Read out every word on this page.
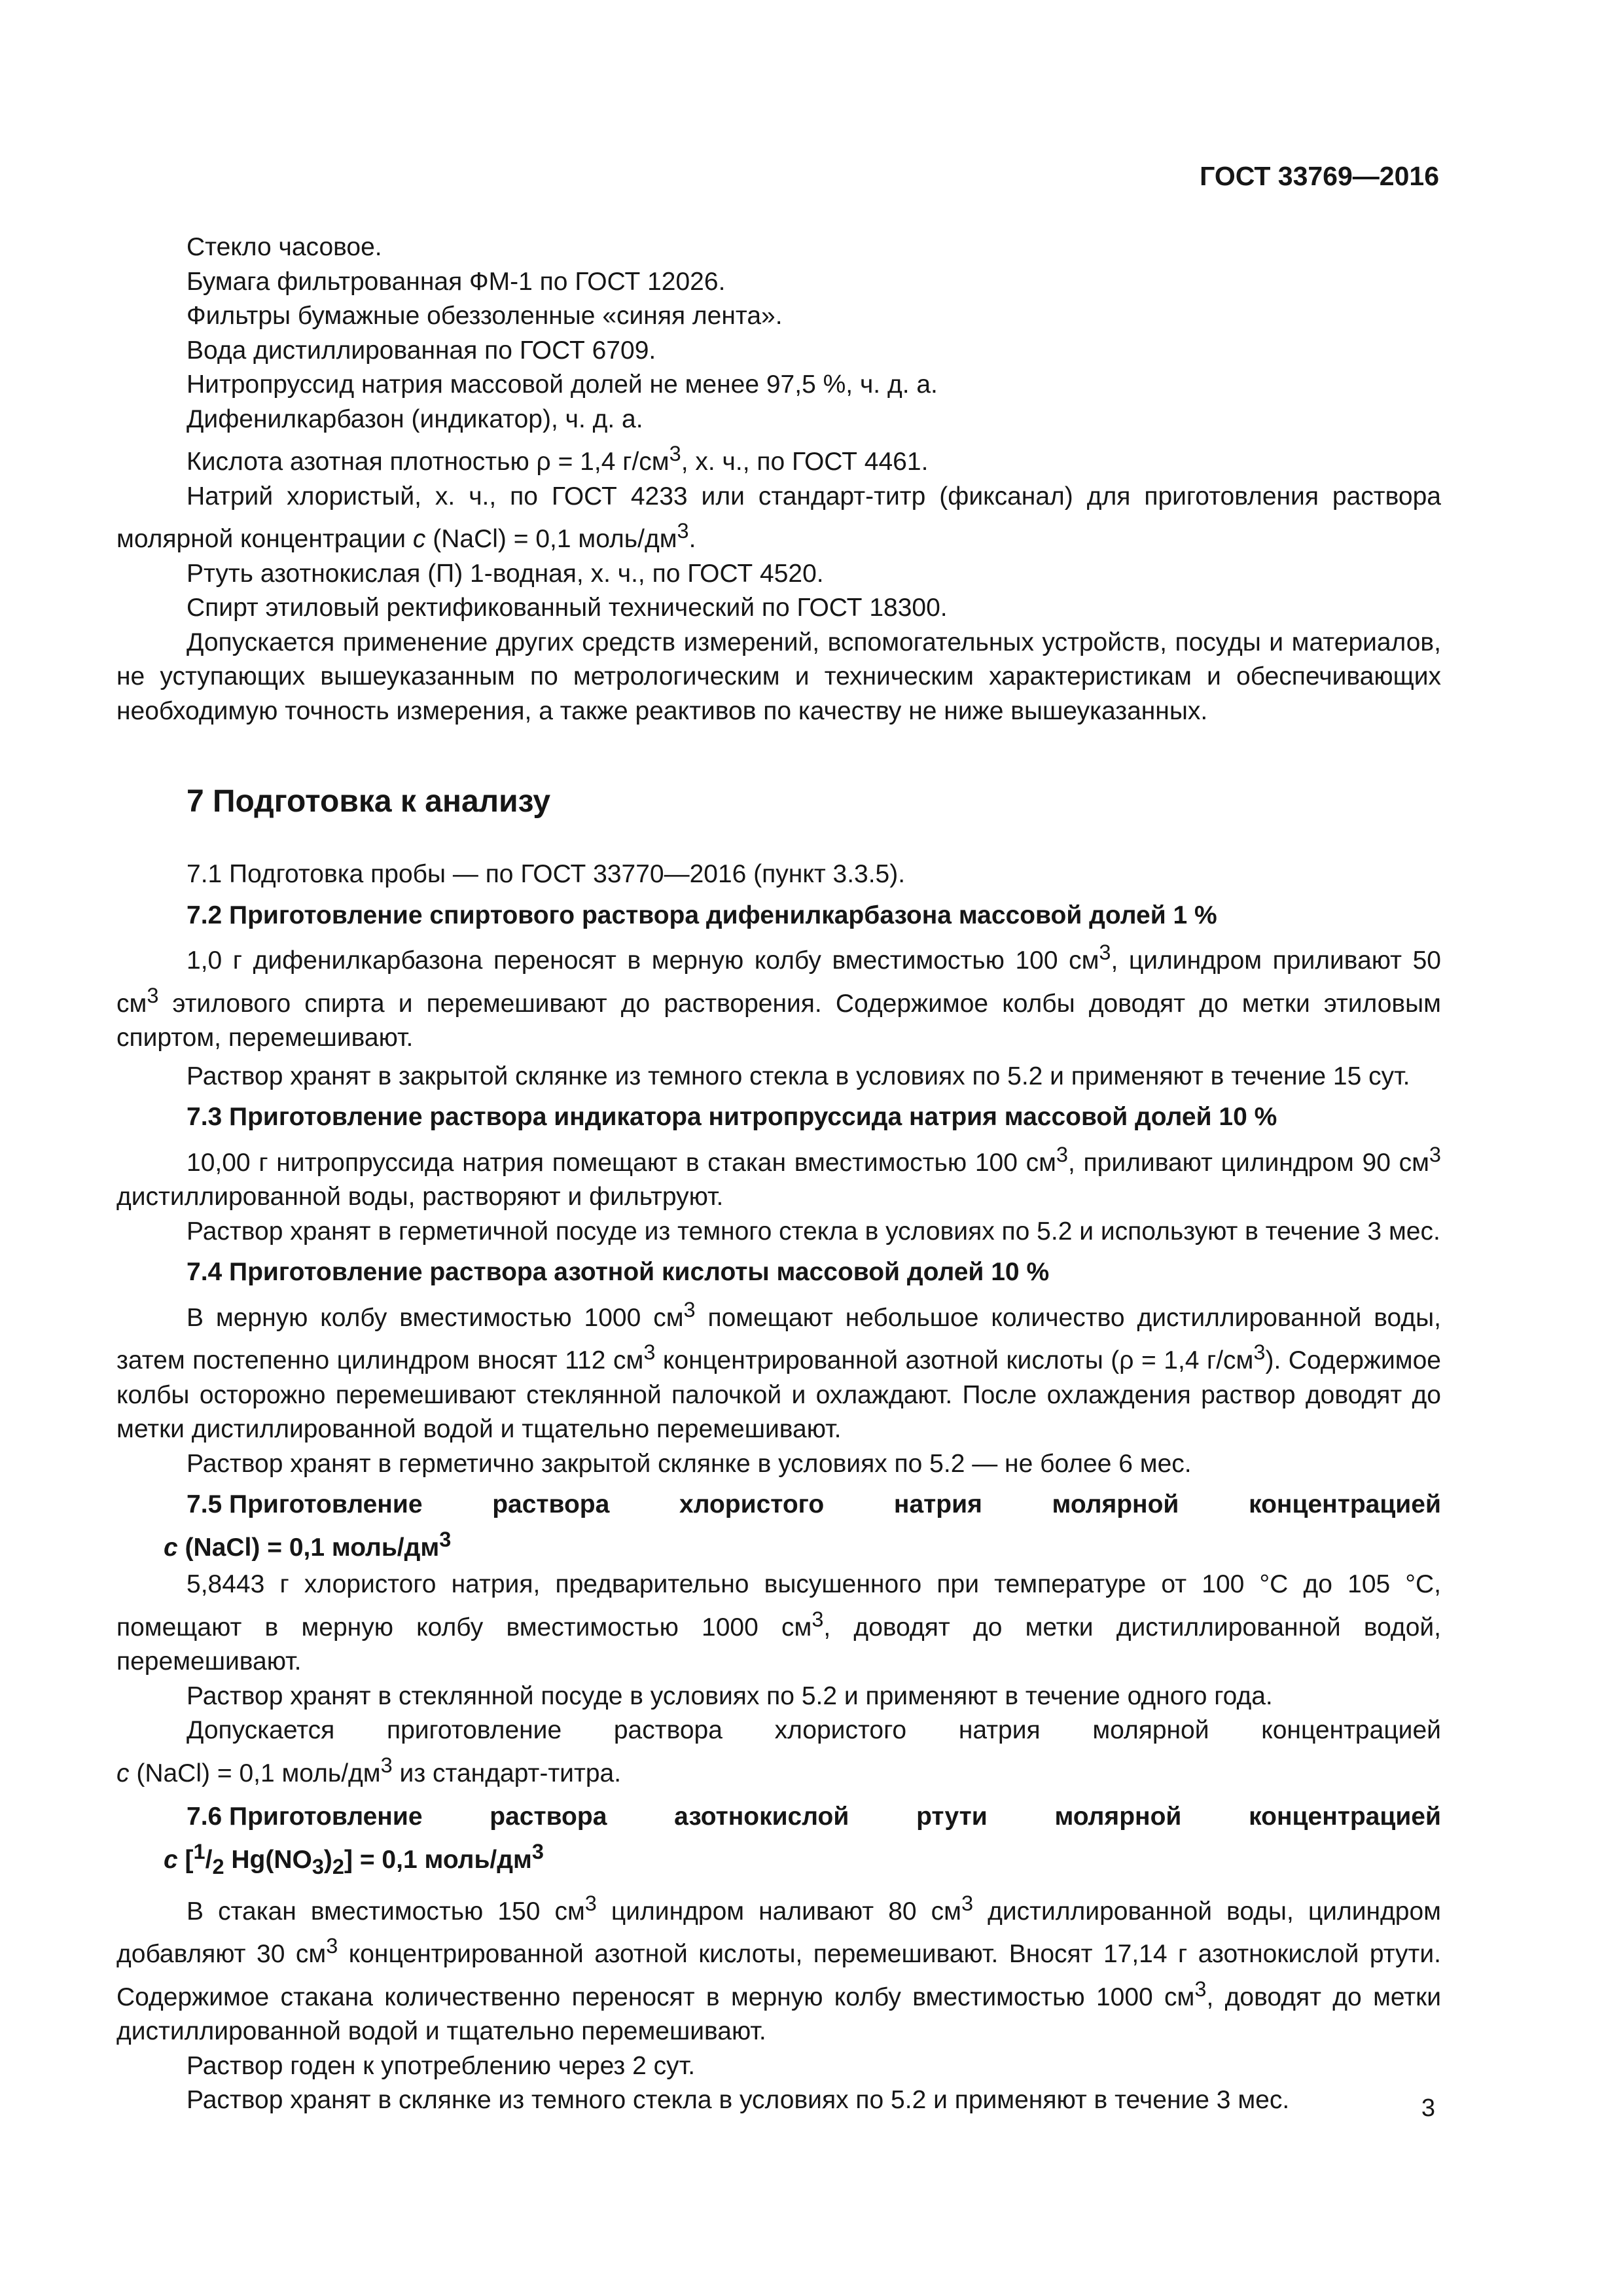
ГОСТ 33769—2016

Стекло часовое.

Бумага фильтрованная ФМ-1 по ГОСТ 12026.

Фильтры бумажные обеззоленные «синяя лента».

Вода дистиллированная по ГОСТ 6709.

Нитропруссид натрия массовой долей не менее 97,5 %, ч. д. а.

Дифенилкарбазон (индикатор), ч. д. а.

Кислота азотная плотностью ρ = 1,4 $г/см^3$, х. ч., по ГОСТ 4461.

Натрий хлористый, х. ч., по ГОСТ 4233 или стандарт-титр (фиксанал) для приготовления раствора молярной концентрации c (NaCl) = 0,1 моль/$дм^3$.

Ртуть азотнокислая (П) 1-водная, х. ч., по ГОСТ 4520.

Спирт этиловый ректификованный технический по ГОСТ 18300.

Допускается применение других средств измерений, вспомогательных устройств, посуды и материалов, не уступающих вышеуказанным по метрологическим и техническим характеристикам и обеспечивающих необходимую точность измерения, а также реактивов по качеству не ниже вышеуказанных.

7 Подготовка к анализу

7.1 Подготовка пробы — по ГОСТ 33770—2016 (пункт 3.3.5).

7.2 Приготовление спиртового раствора дифенилкарбазона массовой долей 1 %

1,0 г дифенилкарбазона переносят в мерную колбу вместимостью 100 $см^3$, цилиндром приливают 50 $см^3$ этилового спирта и перемешивают до растворения. Содержимое колбы доводят до метки этиловым спиртом, перемешивают.

Раствор хранят в закрытой склянке из темного стекла в условиях по 5.2 и применяют в течение 15 сут.

7.3 Приготовление раствора индикатора нитропруссида натрия массовой долей 10 %

10,00 г нитропруссида натрия помещают в стакан вместимостью 100 $см^3$, приливают цилиндром 90 $см^3$ дистиллированной воды, растворяют и фильтруют.

Раствор хранят в герметичной посуде из темного стекла в условиях по 5.2 и используют в течение 3 мес.

7.4 Приготовление раствора азотной кислоты массовой долей 10 %

В мерную колбу вместимостью 1000 $см^3$ помещают небольшое количество дистиллированной воды, затем постепенно цилиндром вносят 112 $см^3$ концентрированной азотной кислоты (ρ = 1,4 $г/см^3$). Содержимое колбы осторожно перемешивают стеклянной палочкой и охлаждают. После охлаждения раствор доводят до метки дистиллированной водой и тщательно перемешивают.

Раствор хранят в герметично закрытой склянке в условиях по 5.2 — не более 6 мес.

7.5 Приготовление	раствора	хлористого	натрия	молярной	концентрацией
c (NaCl) = 0,1 моль/$дм^3$

5,8443 г хлористого натрия, предварительно высушенного при температуре от 100 °C до 105 °C, помещают в мерную колбу вместимостью 1000 $см^3$, доводят до метки дистиллированной водой, перемешивают.

Раствор хранят в стеклянной посуде в условиях по 5.2 и применяют в течение одного года.

Допускается приготовление раствора хлористого натрия молярной концентрацией
c (NaCl) = 0,1 моль/$дм^3$ из стандарт-титра.
7.6 Приготовление	раствора	азотнокислой	ртути	молярной	концентрацией
c [$^1/_2$ $Hg(NO_3)_2] = 0,1$ моль/$дм^3$

В стакан вместимостью 150 $см^3$ цилиндром наливают 80 $см^3$ дистиллированной воды, цилиндром добавляют 30 $см^3$ концентрированной азотной кислоты, перемешивают. Вносят 17,14 г азотнокислой ртути. Содержимое стакана количественно переносят в мерную колбу вместимостью 1000 $см^3$, доводят до метки дистиллированной водой и тщательно перемешивают.

Раствор годен к употреблению через 2 сут.

Раствор хранят в склянке из темного стекла в условиях по 5.2 и применяют в течение 3 мес.	3
